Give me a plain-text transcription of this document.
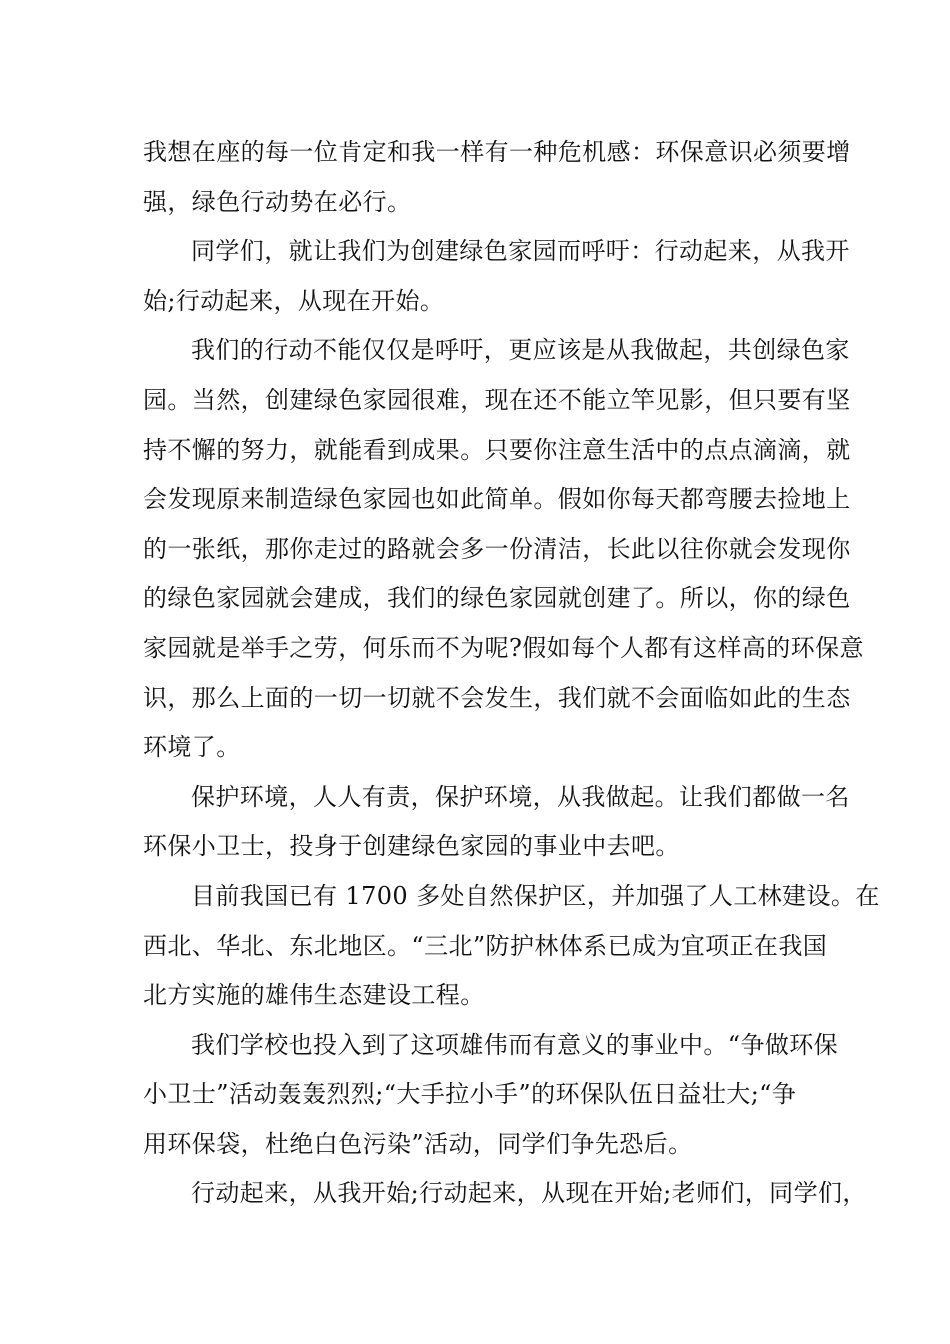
我想在座的每一位肯定和我一样有一种危机感：环保意识必须要增
强，绿色行动势在必行。
同学们，就让我们为创建绿色家园而呼吁：行动起来，从我开
始;行动起来，从现在开始。
我们的行动不能仅仅是呼吁，更应该是从我做起，共创绿色家
园。当然，创建绿色家园很难，现在还不能立竿见影，但只要有坚
持不懈的努力，就能看到成果。只要你注意生活中的点点滴滴，就
会发现原来制造绿色家园也如此简单。假如你每天都弯腰去捡地上
的一张纸，那你走过的路就会多一份清洁，长此以往你就会发现你
的绿色家园就会建成，我们的绿色家园就创建了。所以，你的绿色
家园就是举手之劳，何乐而不为呢?假如每个人都有这样高的环保意
识，那么上面的一切一切就不会发生，我们就不会面临如此的生态
环境了。
保护环境，人人有责，保护环境，从我做起。让我们都做一名
环保小卫士，投身于创建绿色家园的事业中去吧。
目前我国已有 1700 多处自然保护区，并加强了人工林建设。在
西北、华北、东北地区。“三北”防护林体系已成为宜项正在我国
北方实施的雄伟生态建设工程。
我们学校也投入到了这项雄伟而有意义的事业中。“争做环保
小卫士”活动轰轰烈烈;“大手拉小手”的环保队伍日益壮大;“争
用环保袋，杜绝白色污染”活动，同学们争先恐后。
行动起来，从我开始;行动起来，从现在开始;老师们，同学们，
